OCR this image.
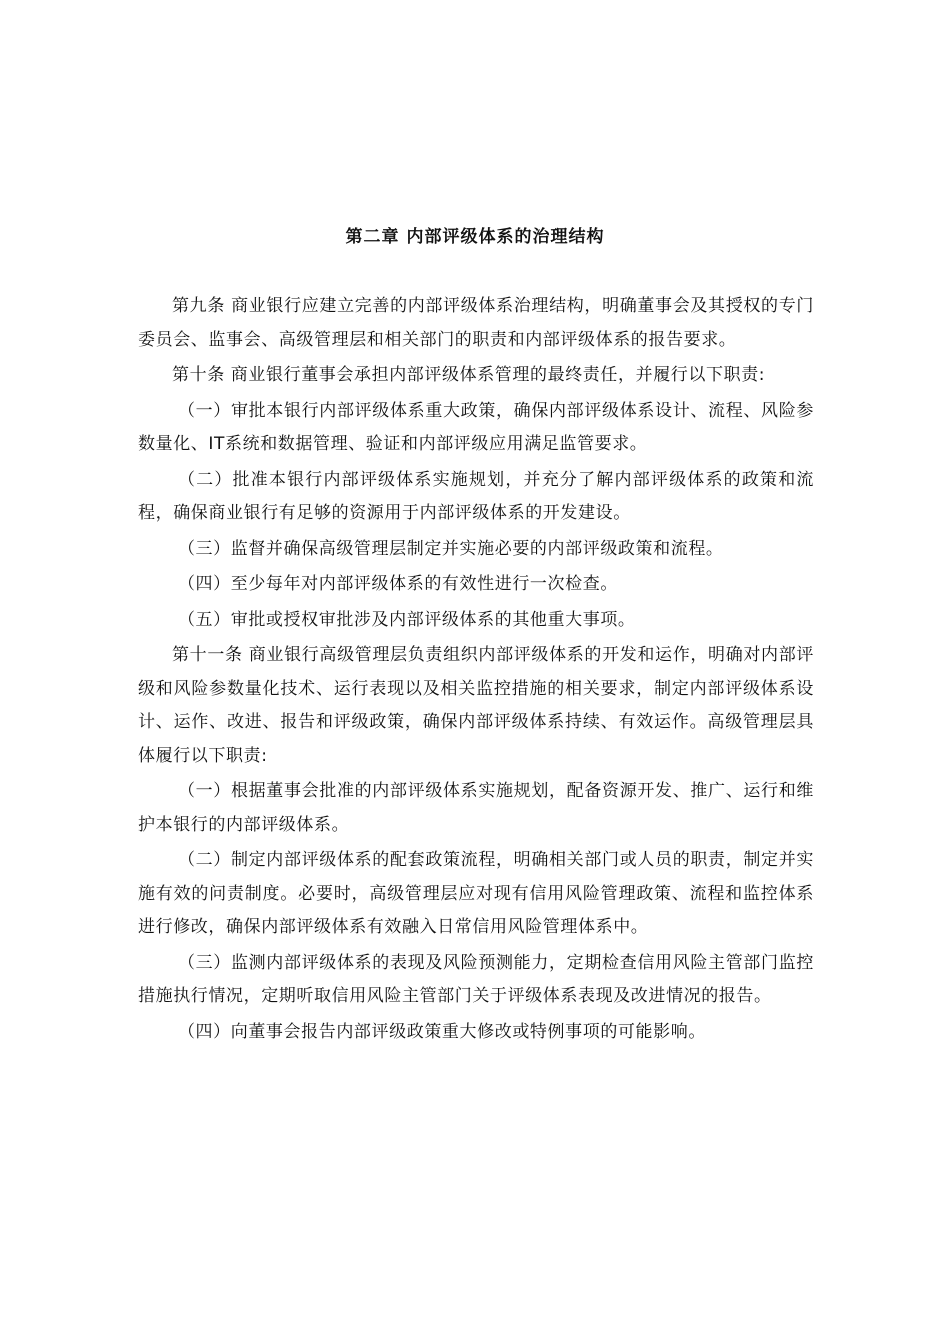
第二章 内部评级体系的治理结构

第九条 商业银行应建立完善的内部评级体系治理结构，明确董事会及其授权的专门委员会、监事会、高级管理层和相关部门的职责和内部评级体系的报告要求。

第十条 商业银行董事会承担内部评级体系管理的最终责任，并履行以下职责:

（一）审批本银行内部评级体系重大政策，确保内部评级体系设计、流程、风险参数量化、IT系统和数据管理、验证和内部评级应用满足监管要求。

（二）批准本银行内部评级体系实施规划，并充分了解内部评级体系的政策和流程，确保商业银行有足够的资源用于内部评级体系的开发建设。

（三）监督并确保高级管理层制定并实施必要的内部评级政策和流程。

（四）至少每年对内部评级体系的有效性进行一次检查。

（五）审批或授权审批涉及内部评级体系的其他重大事项。

第十一条 商业银行高级管理层负责组织内部评级体系的开发和运作，明确对内部评级和风险参数量化技术、运行表现以及相关监控措施的相关要求，制定内部评级体系设计、运作、改进、报告和评级政策，确保内部评级体系持续、有效运作。高级管理层具体履行以下职责:

（一）根据董事会批准的内部评级体系实施规划，配备资源开发、推广、运行和维护本银行的内部评级体系。

（二）制定内部评级体系的配套政策流程，明确相关部门或人员的职责，制定并实施有效的问责制度。必要时，高级管理层应对现有信用风险管理政策、流程和监控体系进行修改，确保内部评级体系有效融入日常信用风险管理体系中。

（三）监测内部评级体系的表现及风险预测能力，定期检查信用风险主管部门监控措施执行情况，定期听取信用风险主管部门关于评级体系表现及改进情况的报告。

（四）向董事会报告内部评级政策重大修改或特例事项的可能影响。
